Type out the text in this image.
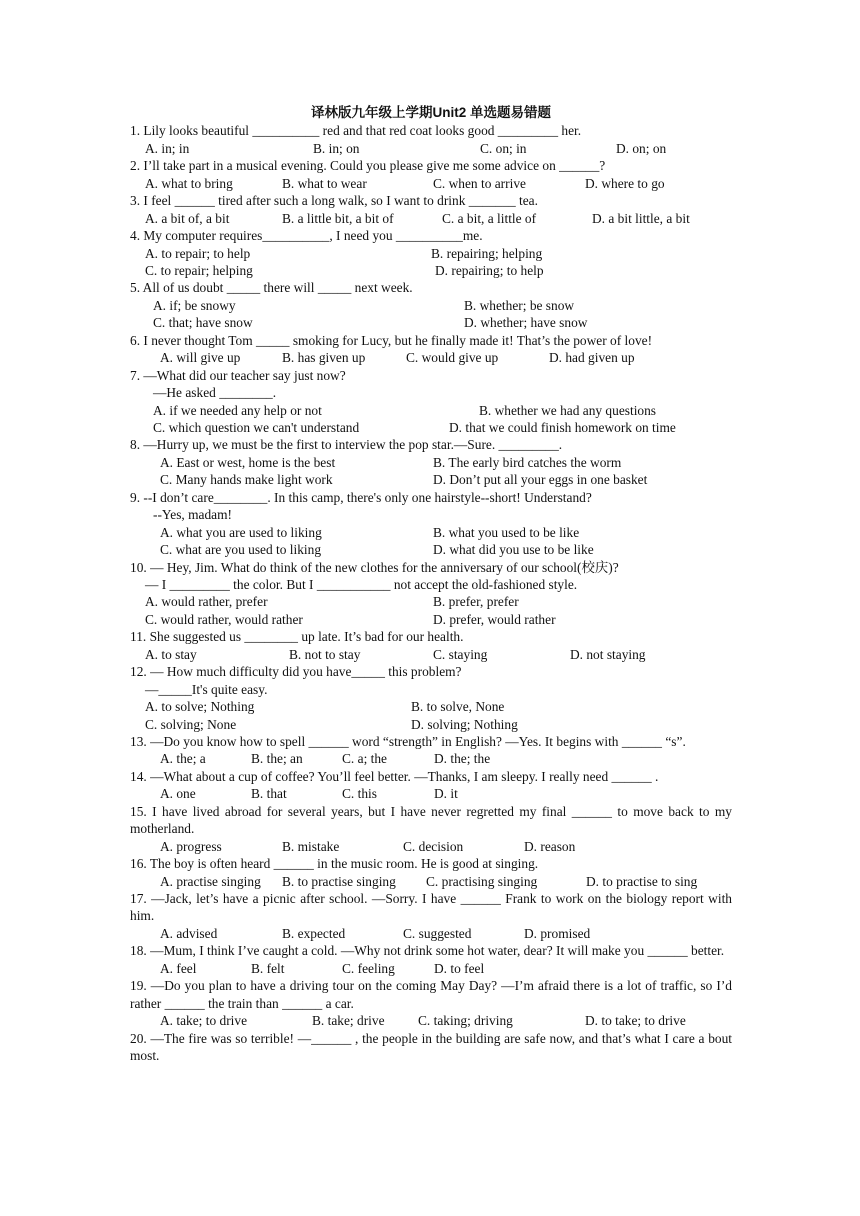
译林版九年级上学期Unit2 单选题易错题
1. Lily looks beautiful __________ red and that red coat looks good _________ her.
A. in; in	B. in; on	C. on; in	D. on; on
2. I’ll take part in a musical evening. Could you please give me some advice on ______?
A. what to bring	B. what to wear	C. when to arrive	D. where to go
3. I feel ______ tired after such a long walk, so I want to drink _______ tea.
A. a bit of, a bit	B. a little bit, a bit of	C. a bit, a little of	D. a bit little, a bit
4. My computer requires__________, I need you __________me.
A. to repair; to help	B. repairing; helping
C. to repair; helping	D. repairing; to help
5. All of us doubt _____ there will _____ next week.
A. if; be snowy	B. whether; be snow
C. that; have snow	D. whether; have snow
6. I never thought Tom _____ smoking for Lucy, but he finally made it! That’s the power of love!
A. will give up	B. has given up	C. would give up	D. had given up
7. ―What did our teacher say just now?
―He asked ________.
A. if we needed any help or not	B. whether we had any questions
C. which question we can't understand	D. that we could finish homework on time
8. —Hurry up, we must be the first to interview the pop star.—Sure. _________.
A. East or west, home is the best	B. The early bird catches the worm
C. Many hands make light work	D. Don’t put all your eggs in one basket
9. --I don’t care________. In this camp, there's only one hairstyle--short! Understand?
--Yes, madam!
A. what you are used to liking	B. what you used to be like
C. what are you used to liking	D. what did you use to be like
10. — Hey, Jim. What do think of the new clothes for the anniversary of our school(校庆)?
— I _________ the color. But I ___________ not accept the old-fashioned style.
A. would rather, prefer	B. prefer, prefer
C. would rather, would rather	D. prefer, would rather
11. She suggested us ________ up late. It’s bad for our health.
A. to stay	B. not to stay	C. staying	D. not staying
12. — How much difficulty did you have_____ this problem?
—_____It's quite easy.
A. to solve; Nothing	B. to solve, None
C. solving; None	D. solving; Nothing
13. —Do you know how to spell ______ word “strength” in English? —Yes. It begins with ______ “s”.
A. the; a	B. the; an	C. a; the	D. the; the
14. —What about a cup of coffee? You’ll feel better. —Thanks, I am sleepy. I really need ______ .
A. one	B. that	C. this	D. it
15. I have lived abroad for several years, but I have never regretted my final ______ to move back to my motherland.
A. progress	B. mistake	C. decision	D. reason
16. The boy is often heard ______ in the music room. He is good at singing.
A. practise singing B. to practise singing C. practising singing	D. to practise to sing
17. —Jack, let’s have a picnic after school. —Sorry. I have ______ Frank to work on the biology report with him.
A. advised	B. expected	C. suggested	D. promised
18. —Mum, I think I’ve caught a cold. —Why not drink some hot water, dear? It will make you ______ better.
A. feel	B. felt	C. feeling	D. to feel
19. —Do you plan to have a driving tour on the coming May Day? —I’m afraid there is a lot of traffic, so I’d rather ______ the train than ______ a car.
A. take; to drive	B. take; drive C. taking; driving	D. to take; to drive
20. —The fire was so terrible! —______ , the people in the building are safe now, and that’s what I care a bout most.
